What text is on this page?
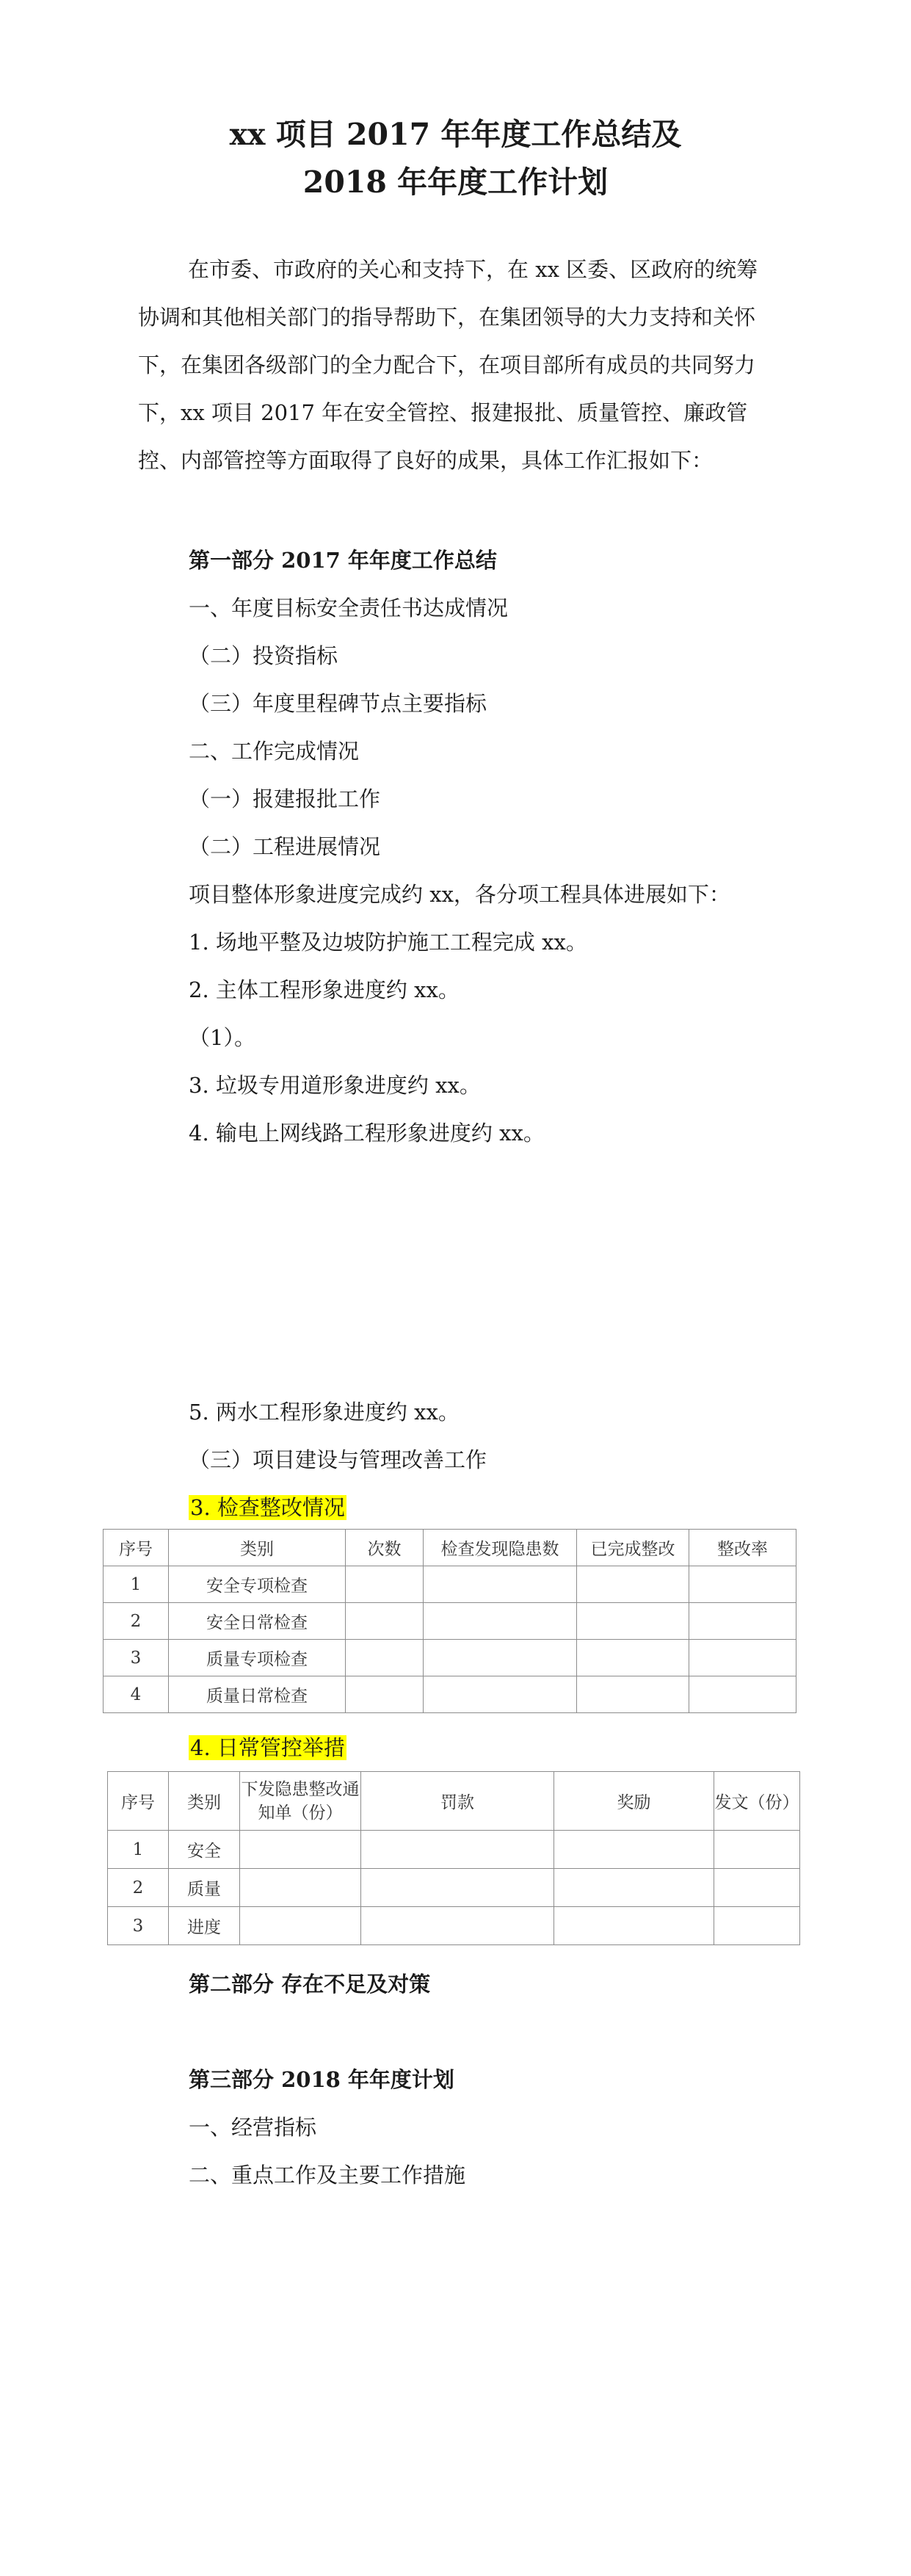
xx 项目 2017 年年度工作总结及
2018 年年度工作计划
在市委、市政府的关心和支持下，在 xx 区委、区政府的统筹协调和其他相关部门的指导帮助下，在集团领导的大力支持和关怀下，在集团各级部门的全力配合下，在项目部所有成员的共同努力下，xx 项目 2017 年在安全管控、报建报批、质量管控、廉政管控、内部管控等方面取得了良好的成果，具体工作汇报如下：
第一部分 2017 年年度工作总结
一、年度目标安全责任书达成情况
（二）投资指标
（三）年度里程碑节点主要指标
二、工作完成情况
（一）报建报批工作
（二）工程进展情况
项目整体形象进度完成约 xx，各分项工程具体进展如下：
1. 场地平整及边坡防护施工工程完成 xx。
2. 主体工程形象进度约 xx。
（1）。
3. 垃圾专用道形象进度约 xx。
4. 输电上网线路工程形象进度约 xx。
5. 两水工程形象进度约 xx。
（三）项目建设与管理改善工作
3. 检查整改情况
序号	类别	次数	检查发现隐患数	已完成整改	整改率
1	安全专项检查				
2	安全日常检查				
3	质量专项检查				
4	质量日常检查				
4. 日常管控举措
序号	类别	下发隐患整改通知单（份）	罚款	奖励	发文（份）
1	安全				
2	质量				
3	进度				
第二部分 存在不足及对策
第三部分 2018 年年度计划
一、经营指标
二、重点工作及主要工作措施
